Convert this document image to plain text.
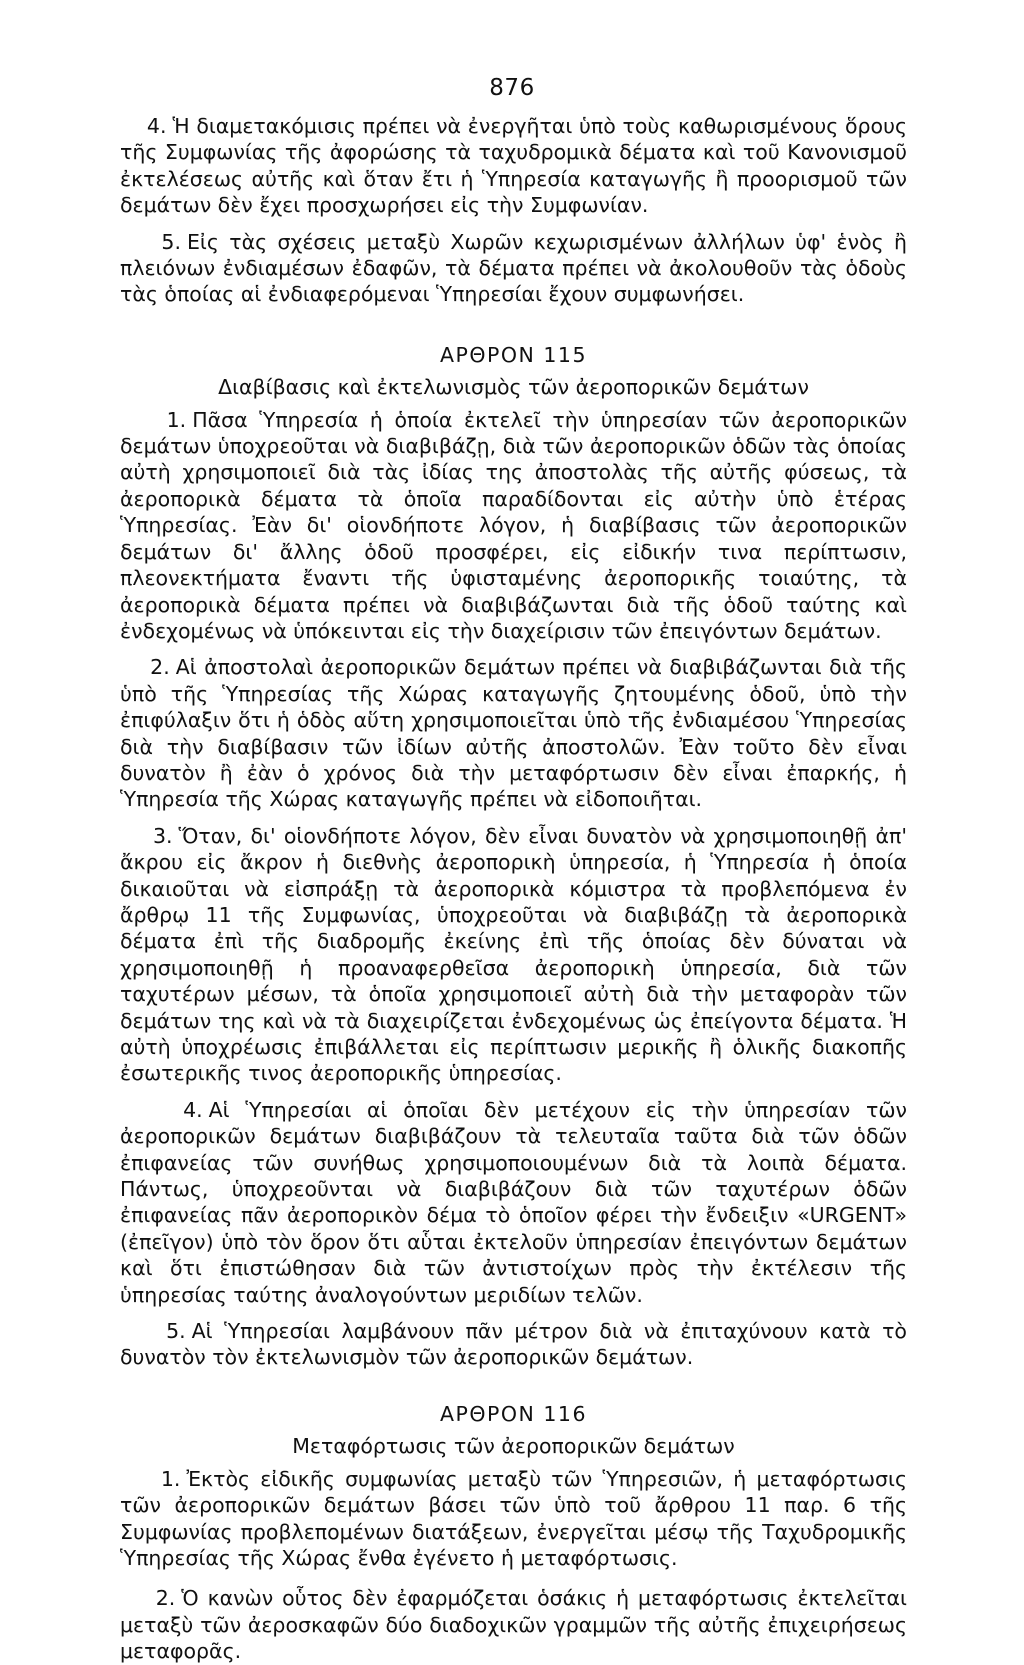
876

4. Ἡ διαμετακόμισις πρέπει νὰ ἐνεργῆται ὑπὸ τοὺς καθωρισμένους ὅρους τῆς Συμφωνίας τῆς ἀφορώσης τὰ ταχυδρομικὰ δέματα καὶ τοῦ Κανονισμοῦ ἐκτελέσεως αὐτῆς καὶ ὅταν ἔτι ἡ Ὑπηρεσία καταγωγῆς ἢ προορισμοῦ τῶν δεμάτων δὲν ἔχει προσχωρήσει εἰς τὴν Συμφωνίαν.

5. Εἰς τὰς σχέσεις μεταξὺ Χωρῶν κεχωρισμένων ἀλλήλων ὑφ' ἑνὸς ἢ πλειόνων ἐνδιαμέσων ἐδαφῶν, τὰ δέματα πρέπει νὰ ἀκολουθοῦν τὰς ὁδοὺς τὰς ὁποίας αἱ ἐνδιαφερόμεναι Ὑπηρεσίαι ἔχουν συμφωνήσει.

ΑΡΘΡΟΝ 115

Διαβίβασις καὶ ἐκτελωνισμὸς τῶν ἀεροπορικῶν δεμάτων

1. Πᾶσα Ὑπηρεσία ἡ ὁποία ἐκτελεῖ τὴν ὑπηρεσίαν τῶν ἀεροπορικῶν δεμάτων ὑποχρεοῦται νὰ διαβιβάζῃ, διὰ τῶν ἀεροπορικῶν ὁδῶν τὰς ὁποίας αὐτὴ χρησιμοποιεῖ διὰ τὰς ἰδίας της ἀποστολὰς τῆς αὐτῆς φύσεως, τὰ ἀεροπορικὰ δέματα τὰ ὁποῖα παραδίδονται εἰς αὐτὴν ὑπὸ ἑτέρας Ὑπηρεσίας. Ἐὰν δι' οἱονδήποτε λόγον, ἡ διαβίβασις τῶν ἀεροπορικῶν δεμάτων δι' ἄλλης ὁδοῦ προσφέρει, εἰς εἰδικήν τινα περίπτωσιν, πλεονεκτήματα ἔναντι τῆς ὑφισταμένης ἀεροπορικῆς τοιαύτης, τὰ ἀεροπορικὰ δέματα πρέπει νὰ διαβιβάζωνται διὰ τῆς ὁδοῦ ταύτης καὶ ἐνδεχομένως νὰ ὑπόκεινται εἰς τὴν διαχείρισιν τῶν ἐπειγόντων δεμάτων.

2. Αἱ ἀποστολαὶ ἀεροπορικῶν δεμάτων πρέπει νὰ διαβιβάζωνται διὰ τῆς ὑπὸ τῆς Ὑπηρεσίας τῆς Χώρας καταγωγῆς ζητουμένης ὁδοῦ, ὑπὸ τὴν ἐπιφύλαξιν ὅτι ἡ ὁδὸς αὕτη χρησιμοποιεῖται ὑπὸ τῆς ἐνδιαμέσου Ὑπηρεσίας διὰ τὴν διαβίβασιν τῶν ἰδίων αὐτῆς ἀποστολῶν. Ἐὰν τοῦτο δὲν εἶναι δυνατὸν ἢ ἐὰν ὁ χρόνος διὰ τὴν μεταφόρτωσιν δὲν εἶναι ἐπαρκής, ἡ Ὑπηρεσία τῆς Χώρας καταγωγῆς πρέπει νὰ εἰδοποιῆται.

3. Ὅταν, δι' οἱονδήποτε λόγον, δὲν εἶναι δυνατὸν νὰ χρησιμοποιηθῇ ἀπ' ἄκρου εἰς ἄκρον ἡ διεθνὴς ἀεροπορικὴ ὑπηρεσία, ἡ Ὑπηρεσία ἡ ὁποία δικαιοῦται νὰ εἰσπράξῃ τὰ ἀεροπορικὰ κόμιστρα τὰ προβλεπόμενα ἐν ἄρθρῳ 11 τῆς Συμφωνίας, ὑποχρεοῦται νὰ διαβιβάζῃ τὰ ἀεροπορικὰ δέματα ἐπὶ τῆς διαδρομῆς ἐκείνης ἐπὶ τῆς ὁποίας δὲν δύναται νὰ χρησιμοποιηθῇ ἡ προαναφερθεῖσα ἀεροπορικὴ ὑπηρεσία, διὰ τῶν ταχυτέρων μέσων, τὰ ὁποῖα χρησιμοποιεῖ αὐτὴ διὰ τὴν μεταφορὰν τῶν δεμάτων της καὶ νὰ τὰ διαχειρίζεται ἐνδεχομένως ὡς ἐπείγοντα δέματα. Ἡ αὐτὴ ὑποχρέωσις ἐπιβάλλεται εἰς περίπτωσιν μερικῆς ἢ ὁλικῆς διακοπῆς ἐσωτερικῆς τινος ἀεροπορικῆς ὑπηρεσίας.

4. Αἱ Ὑπηρεσίαι αἱ ὁποῖαι δὲν μετέχουν εἰς τὴν ὑπηρεσίαν τῶν ἀεροπορικῶν δεμάτων διαβιβάζουν τὰ τελευταῖα ταῦτα διὰ τῶν ὁδῶν ἐπιφανείας τῶν συνήθως χρησιμοποιουμένων διὰ τὰ λοιπὰ δέματα. Πάντως, ὑποχρεοῦνται νὰ διαβιβάζουν διὰ τῶν ταχυτέρων ὁδῶν ἐπιφανείας πᾶν ἀεροπορικὸν δέμα τὸ ὁποῖον φέρει τὴν ἔνδειξιν «URGENT» (ἐπεῖγον) ὑπὸ τὸν ὅρον ὅτι αὗται ἐκτελοῦν ὑπηρεσίαν ἐπειγόντων δεμάτων καὶ ὅτι ἐπιστώθησαν διὰ τῶν ἀντιστοίχων πρὸς τὴν ἐκτέλεσιν τῆς ὑπηρεσίας ταύτης ἀναλογούντων μεριδίων τελῶν.

5. Αἱ Ὑπηρεσίαι λαμβάνουν πᾶν μέτρον διὰ νὰ ἐπιταχύνουν κατὰ τὸ δυνατὸν τὸν ἐκτελωνισμὸν τῶν ἀεροπορικῶν δεμάτων.

ΑΡΘΡΟΝ 116

Μεταφόρτωσις τῶν ἀεροπορικῶν δεμάτων

1. Ἐκτὸς εἰδικῆς συμφωνίας μεταξὺ τῶν Ὑπηρεσιῶν, ἡ μεταφόρτωσις τῶν ἀεροπορικῶν δεμάτων βάσει τῶν ὑπὸ τοῦ ἄρθρου 11 παρ. 6 τῆς Συμφωνίας προβλεπομένων διατάξεων, ἐνεργεῖται μέσῳ τῆς Ταχυδρομικῆς Ὑπηρεσίας τῆς Χώρας ἔνθα ἐγένετο ἡ μεταφόρτωσις.

2. Ὁ κανὼν οὗτος δὲν ἐφαρμόζεται ὁσάκις ἡ μεταφόρτωσις ἐκτελεῖται μεταξὺ τῶν ἀεροσκαφῶν δύο διαδοχικῶν γραμμῶν τῆς αὐτῆς ἐπιχειρήσεως μεταφορᾶς.
